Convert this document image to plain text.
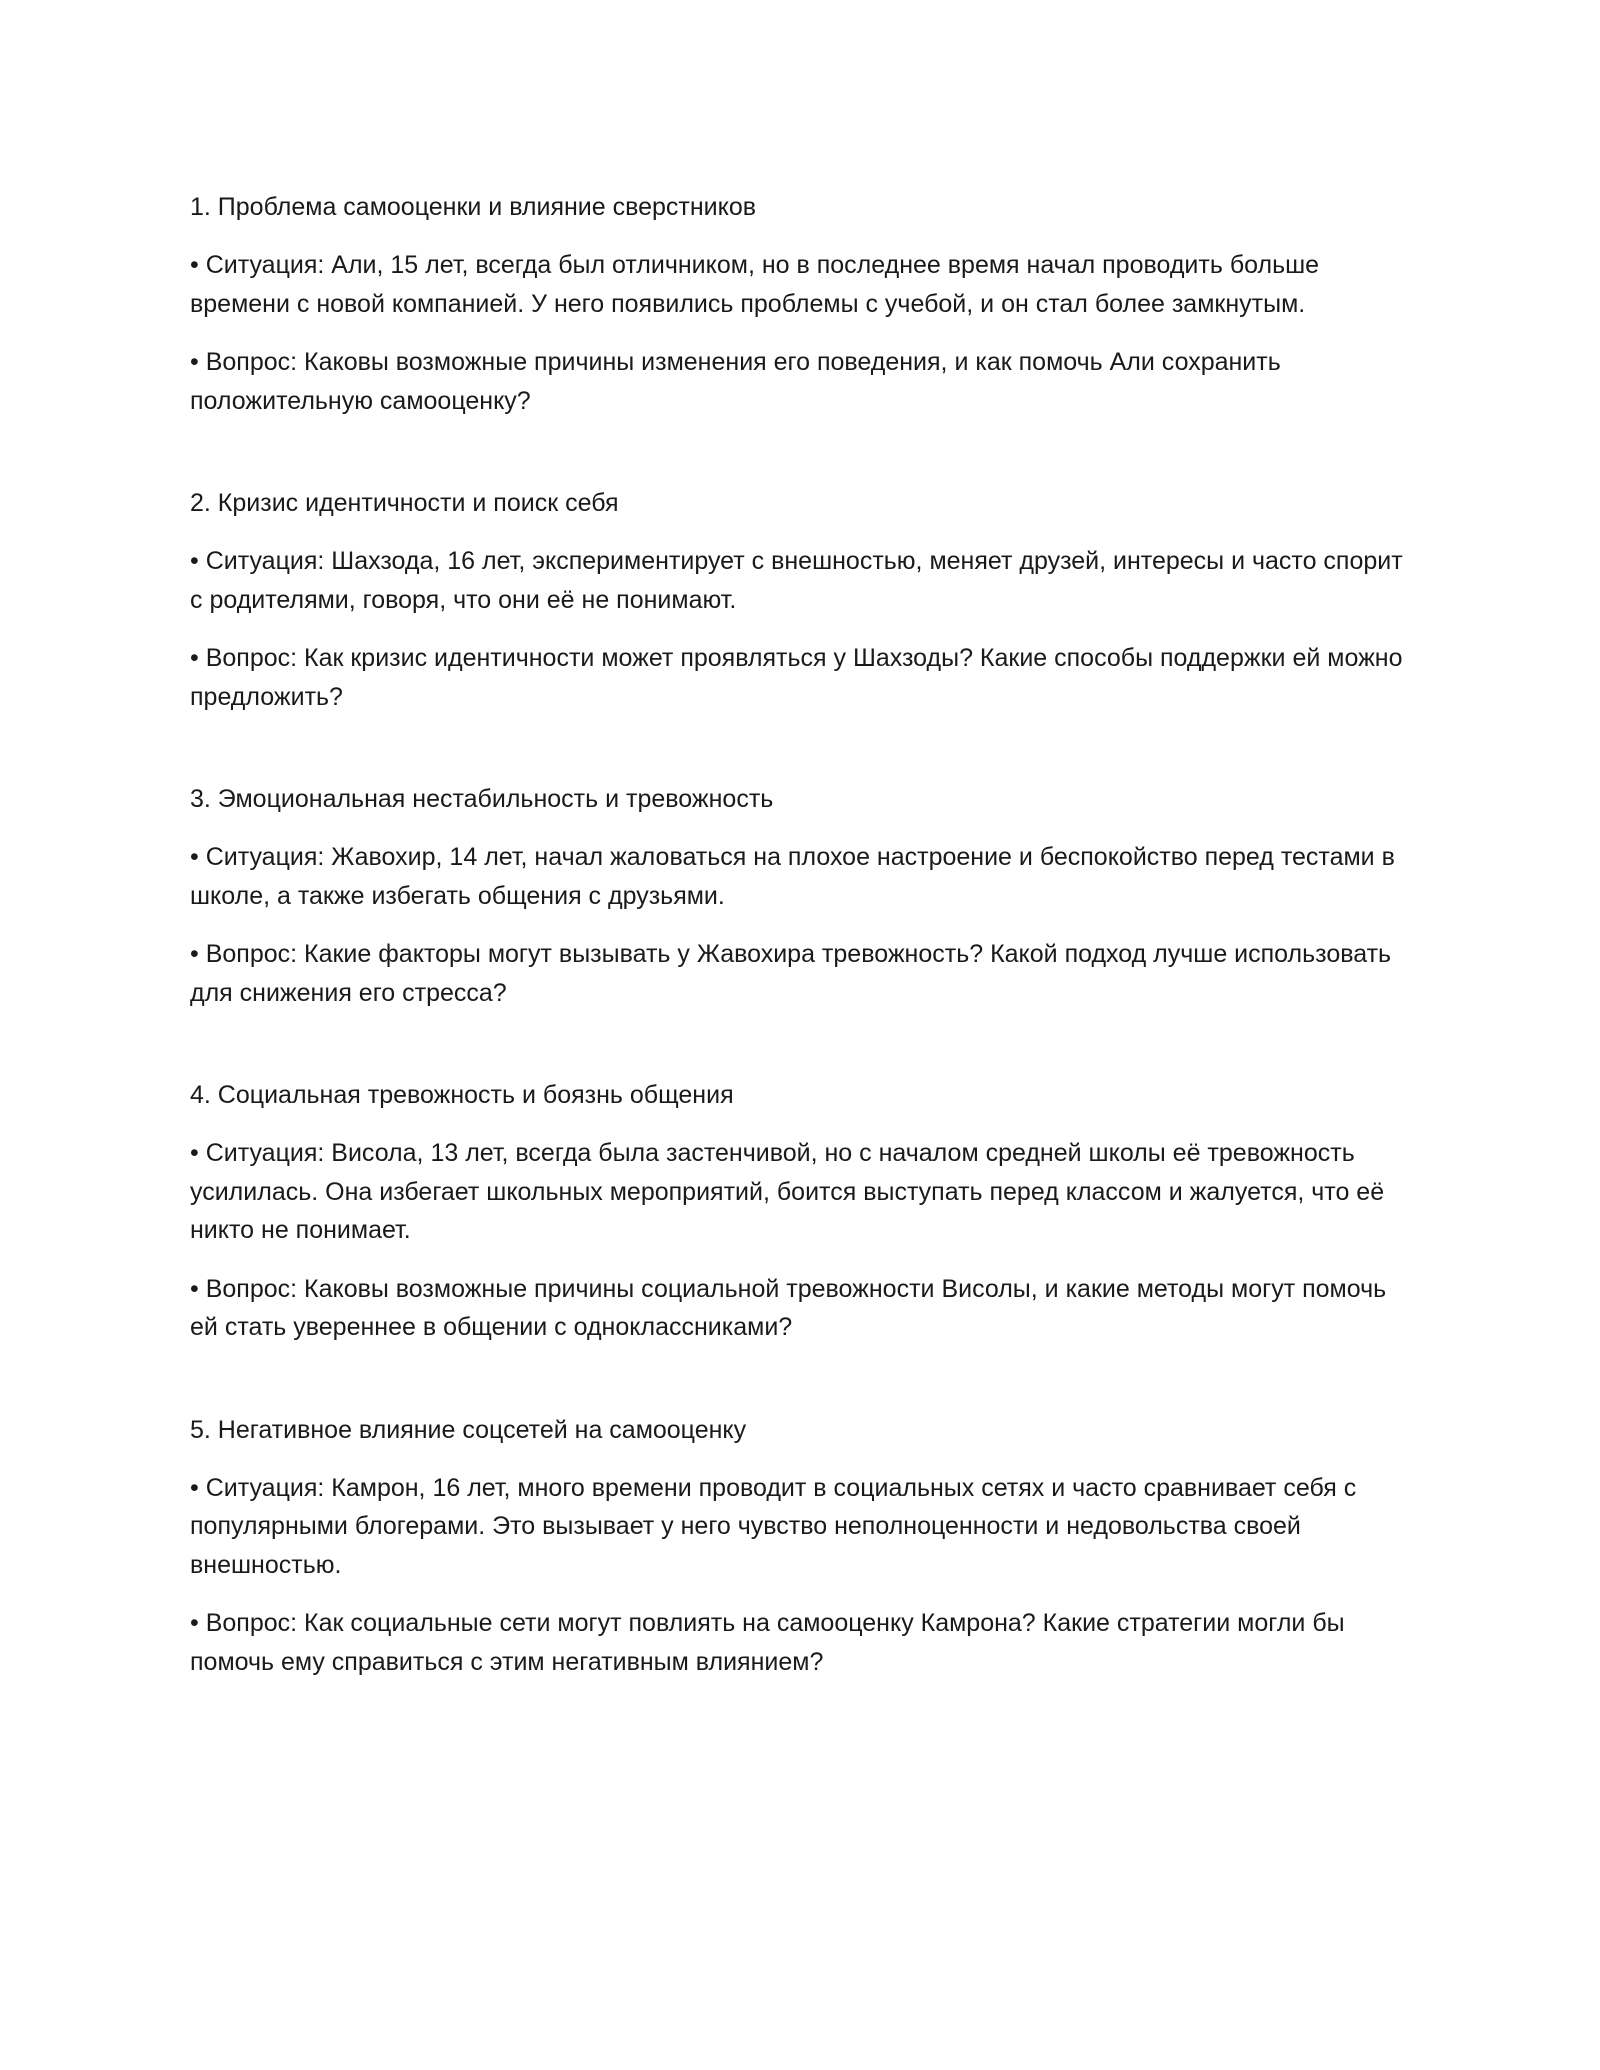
1. Проблема самооценки и влияние сверстников
• Ситуация: Али, 15 лет, всегда был отличником, но в последнее время начал проводить больше времени с новой компанией. У него появились проблемы с учебой, и он стал более замкнутым.
• Вопрос: Каковы возможные причины изменения его поведения, и как помочь Али сохранить положительную самооценку?
2. Кризис идентичности и поиск себя
• Ситуация: Шахзода, 16 лет, экспериментирует с внешностью, меняет друзей, интересы и часто спорит с родителями, говоря, что они её не понимают.
• Вопрос: Как кризис идентичности может проявляться у Шахзоды? Какие способы поддержки ей можно предложить?
3. Эмоциональная нестабильность и тревожность
• Ситуация: Жавохир, 14 лет, начал жаловаться на плохое настроение и беспокойство перед тестами в школе, а также избегать общения с друзьями.
• Вопрос: Какие факторы могут вызывать у Жавохира тревожность? Какой подход лучше использовать для снижения его стресса?
4. Социальная тревожность и боязнь общения
• Ситуация: Висола, 13 лет, всегда была застенчивой, но с началом средней школы её тревожность усилилась. Она избегает школьных мероприятий, боится выступать перед классом и жалуется, что её никто не понимает.
• Вопрос: Каковы возможные причины социальной тревожности Висолы, и какие методы могут помочь ей стать увереннее в общении с одноклассниками?
5. Негативное влияние соцсетей на самооценку
• Ситуация: Камрон, 16 лет, много времени проводит в социальных сетях и часто сравнивает себя с популярными блогерами. Это вызывает у него чувство неполноценности и недовольства своей внешностью.
• Вопрос: Как социальные сети могут повлиять на самооценку Камрона? Какие стратегии могли бы помочь ему справиться с этим негативным влиянием?
